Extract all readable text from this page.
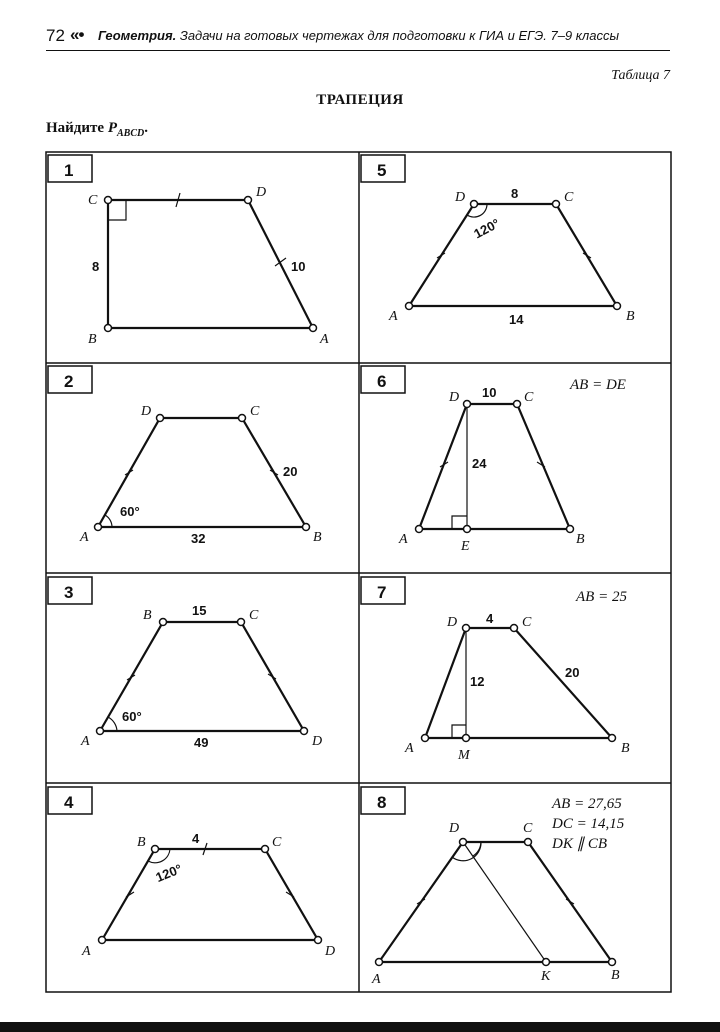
72 «• Геометрия. Задачи на готовых чертежах для подготовки к ГИА и ЕГЭ. 7–9 классы
Таблица 7
ТРАПЕЦИЯ
Найдите $P_{ABCD}$.
1
2
3
4
5
6
7
8
C
D
B	A
8	10
D	C
A	B
20
60°
32
B	C
A	D
15
60°
49
B	C
A	D
4
120°
D	C
A	B
8
120°
14
D	C
A	E	B
10
24
AB = DE
D	C
A	M	B
4
12
20
AB = 25
D	C
A	K	B
AB = 27,65
DC = 14,15
DK ∥ CB
